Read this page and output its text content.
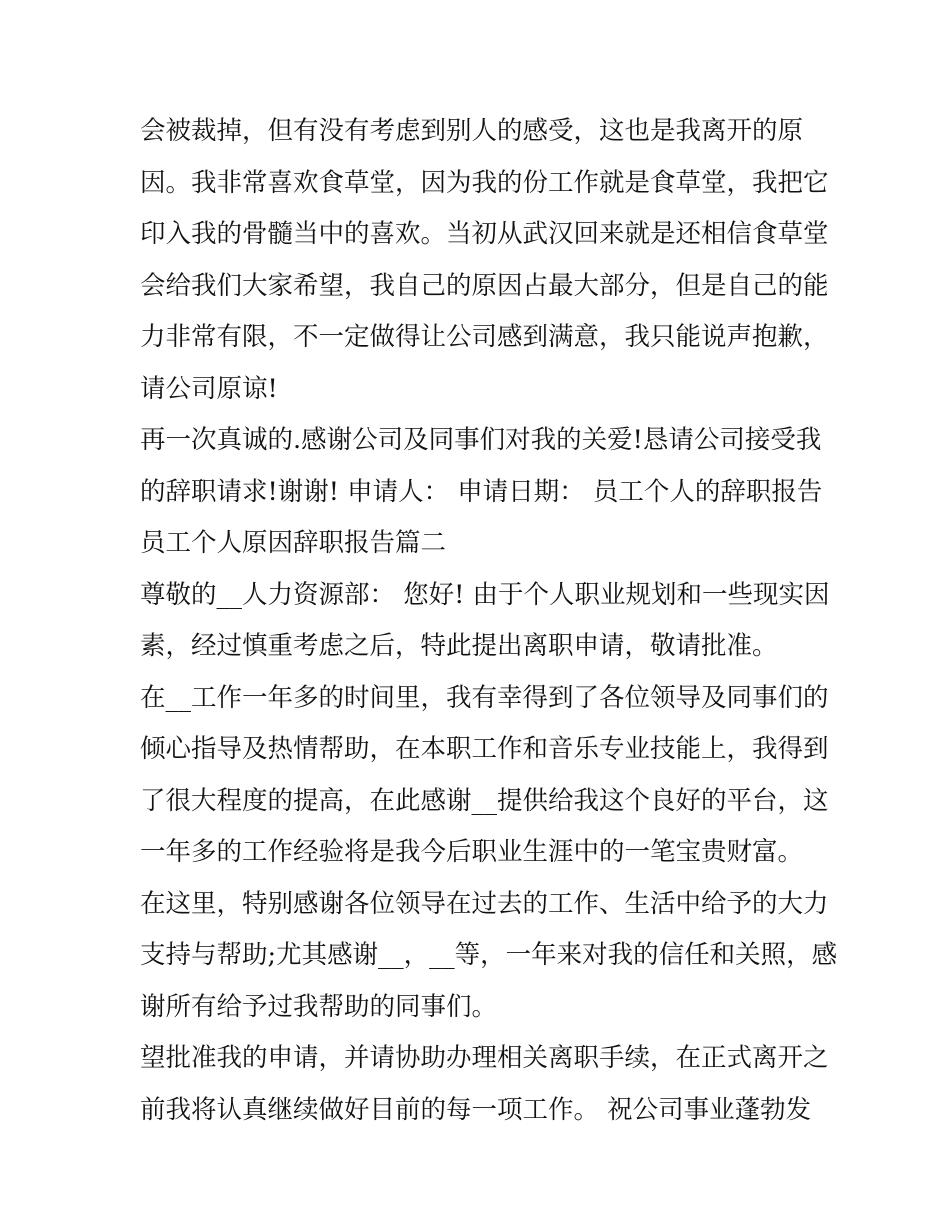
会被裁掉，但有没有考虑到别人的感受，这也是我离开的原
因。我非常喜欢食草堂，因为我的份工作就是食草堂，我把它
印入我的骨髓当中的喜欢。当初从武汉回来就是还相信食草堂
会给我们大家希望，我自己的原因占最大部分，但是自己的能
力非常有限，不一定做得让公司感到满意，我只能说声抱歉，
请公司原谅!
再一次真诚的.感谢公司及同事们对我的关爱!恳请公司接受我
的辞职请求!谢谢! 申请人： 申请日期： 员工个人的辞职报告
员工个人原因辞职报告篇二
尊敬的__人力资源部： 您好! 由于个人职业规划和一些现实因
素，经过慎重考虑之后，特此提出离职申请，敬请批准。
在__工作一年多的时间里，我有幸得到了各位领导及同事们的
倾心指导及热情帮助，在本职工作和音乐专业技能上，我得到
了很大程度的提高，在此感谢__提供给我这个良好的平台，这
一年多的工作经验将是我今后职业生涯中的一笔宝贵财富。
在这里，特别感谢各位领导在过去的工作、生活中给予的大力
支持与帮助;尤其感谢__，__等，一年来对我的信任和关照，感
谢所有给予过我帮助的同事们。
望批准我的申请，并请协助办理相关离职手续，在正式离开之
前我将认真继续做好目前的每一项工作。 祝公司事业蓬勃发
